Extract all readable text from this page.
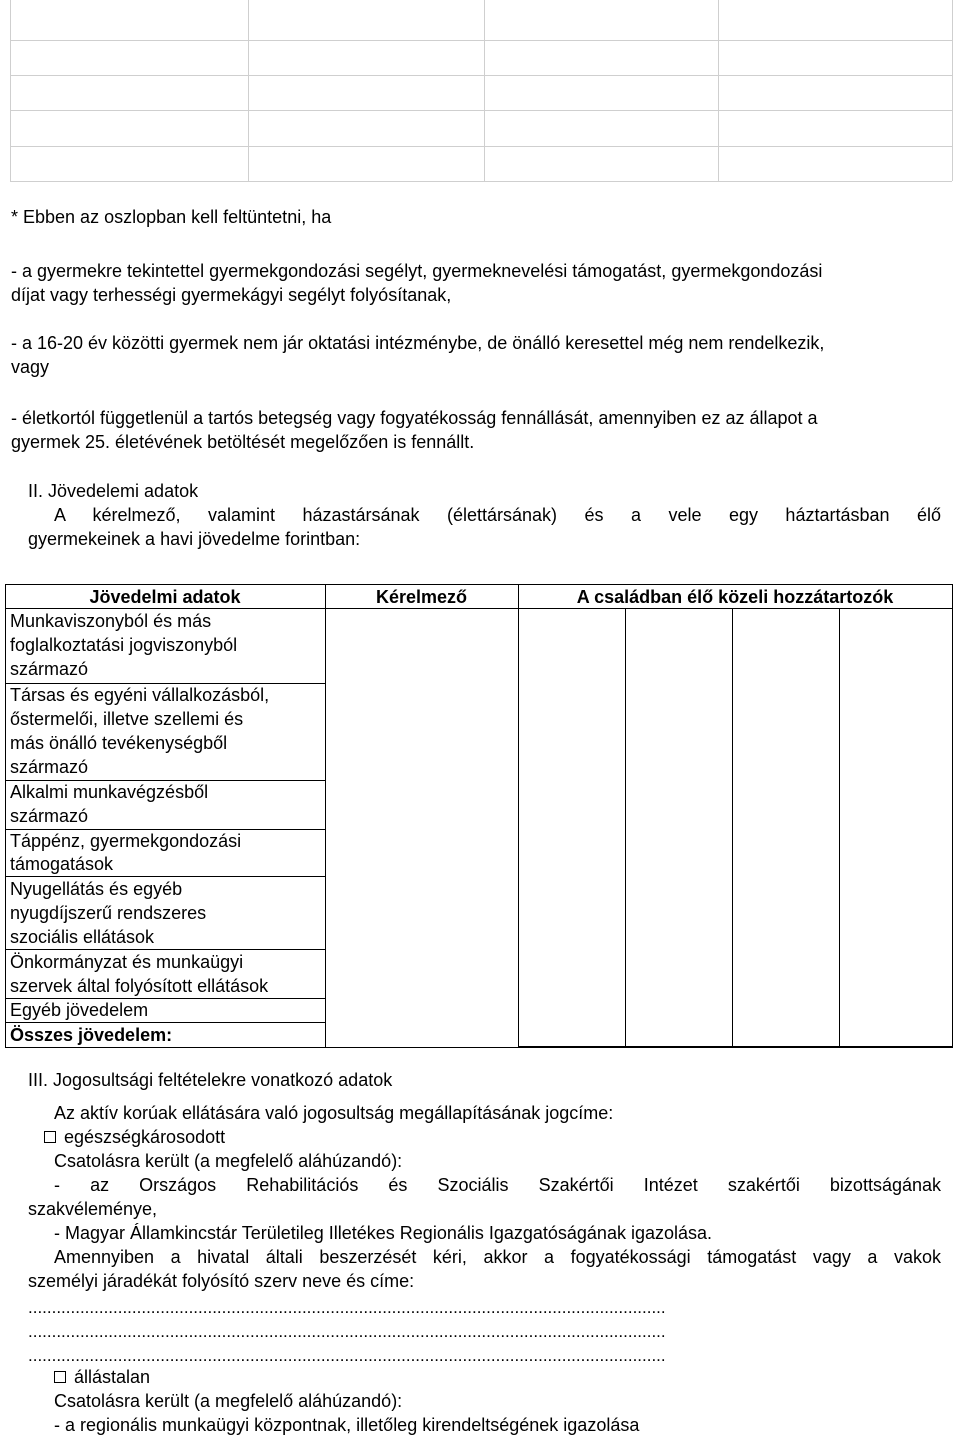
* Ebben az oszlopban kell feltüntetni, ha
- a gyermekre tekintettel gyermekgondozási segélyt, gyermeknevelési támogatást, gyermekgondozási
díjat vagy terhességi gyermekágyi segélyt folyósítanak,
- a 16-20 év közötti gyermek nem jár oktatási intézménybe, de önálló keresettel még nem rendelkezik,
vagy
- életkortól függetlenül a tartós betegség vagy fogyatékosság fennállását, amennyiben ez az állapot a
gyermek 25. életévének betöltését megelőzően is fennállt.
II. Jövedelemi adatok
A kérelmező, valamint házastársának (élettársának) és a vele egy háztartásban élő
gyermekeinek a havi jövedelme forintban:
Jövedelmi adatok	Kérelmező	A családban élő közeli hozzátartozók
Munkaviszonyból és más
foglalkoztatási jogviszonyból
származó
Társas és egyéni vállalkozásból,
őstermelői, illetve szellemi és
más önálló tevékenységből
származó
Alkalmi munkavégzésből
származó
Táppénz, gyermekgondozási
támogatások
Nyugellátás és egyéb
nyugdíjszerű rendszeres
szociális ellátások
Önkormányzat és munkaügyi
szervek által folyósított ellátások
Egyéb jövedelem
Összes jövedelem:
III. Jogosultsági feltételekre vonatkozó adatok
Az aktív korúak ellátására való jogosultság megállapításának jogcíme:
egészségkárosodott
Csatolásra került (a megfelelő aláhúzandó):
- az Országos Rehabilitációs és Szociális Szakértői Intézet szakértői bizottságának
szakvéleménye,
- Magyar Államkincstár Területileg Illetékes Regionális Igazgatóságának igazolása.
Amennyiben a hivatal általi beszerzését kéri, akkor a fogyatékossági támogatást vagy a vakok
személyi járadékát folyósító szerv neve és címe:
.......................................................................................................................................
.......................................................................................................................................
.......................................................................................................................................
állástalan
Csatolásra került (a megfelelő aláhúzandó):
- a regionális munkaügyi központnak, illetőleg kirendeltségének igazolása
